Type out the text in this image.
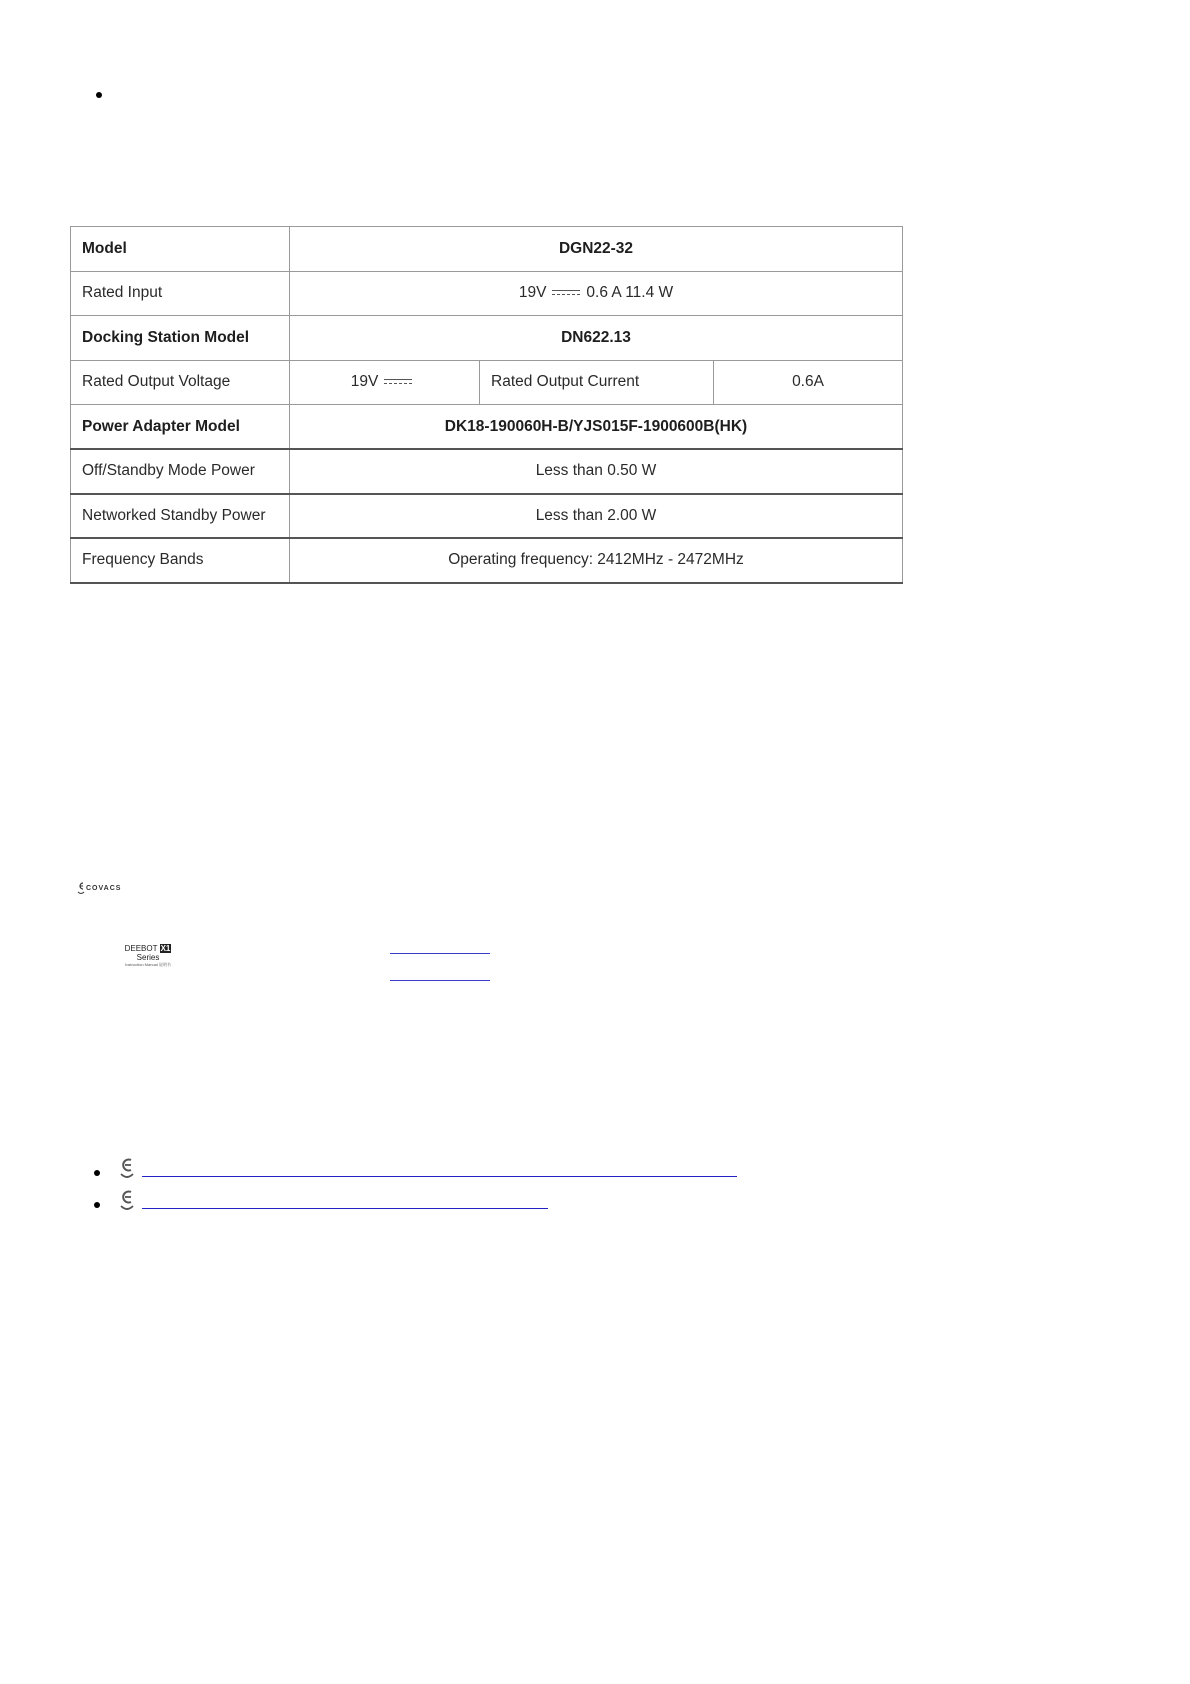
Model	DGN22-32		
Rated Input	19V 0.6 A 11.4 W		
Docking Station Model	DN622.13		
Rated Output Voltage	19V	Rated Output Current	0.6A
Power Adapter Model	DK18-190060H-B/YJS015F-1900600B(HK)		
Off/Standby Mode Power	Less than 0.50 W		
Networked Standby Power	Less than 2.00 W		
Frequency Bands	Operating frequency: 2412MHz - 2472MHz		
COVACS
DEEBOT X1 Series
Instruction Manual 说明书
